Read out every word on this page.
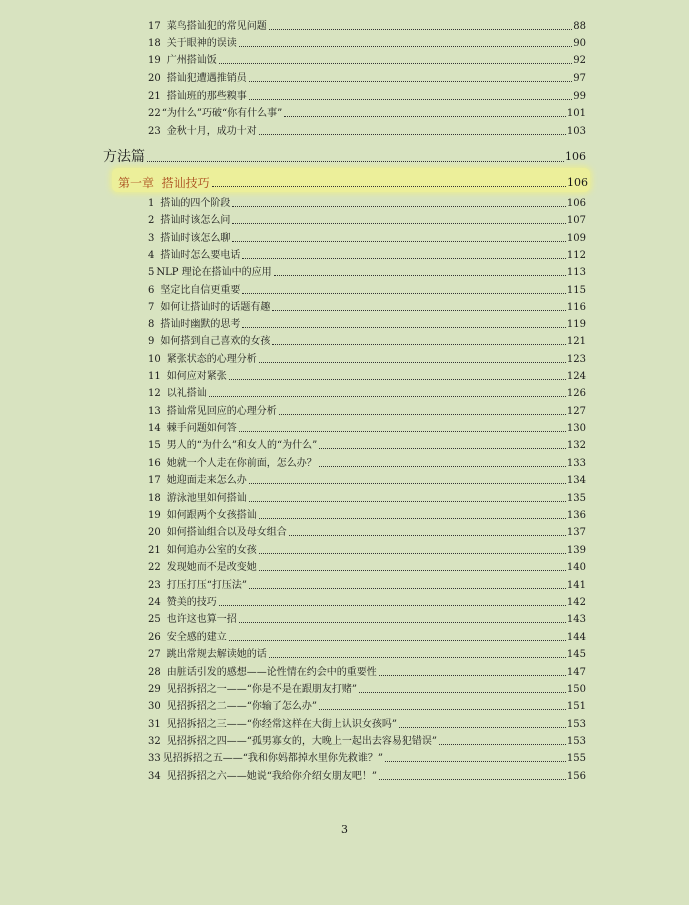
17 菜鸟搭讪犯的常见问题	88
18 关于眼神的误读	90
19 广州搭讪饭	92
20 搭讪犯遭遇推销员	97
21 搭讪班的那些糗事	99
22 “为什么”巧破“你有什么事”	101
23 金秋十月，成功十对	103
方法篇	106
第一章  搭讪技巧	106
1 搭讪的四个阶段	106
2 搭讪时该怎么问	107
3 搭讪时该怎么聊	109
4 搭讪时怎么要电话	112
5 NLP 理论在搭讪中的应用	113
6 坚定比自信更重要	115
7 如何让搭讪时的话题有趣	116
8 搭讪时幽默的思考	119
9 如何搭到自己喜欢的女孩	121
10 紧张状态的心理分析	123
11 如何应对紧张	124
12 以礼搭讪	126
13 搭讪常见回应的心理分析	127
14 棘手问题如何答	130
15 男人的“为什么”和女人的“为什么”	132
16 她就一个人走在你前面，怎么办？	133
17 她迎面走来怎么办	134
18 游泳池里如何搭讪	135
19 如何跟两个女孩搭讪	136
20 如何搭讪组合以及母女组合	137
21 如何追办公室的女孩	139
22 发现她而不是改变她	140
23 打压打压“打压法”	141
24 赞美的技巧	142
25 也许这也算一招	143
26 安全感的建立	144
27 跳出常规去解读她的话	145
28 由脏话引发的感想——论性情在约会中的重要性	147
29 见招拆招之一——“你是不是在跟朋友打赌”	150
30 见招拆招之二——“你输了怎么办”	151
31 见招拆招之三——“你经常这样在大街上认识女孩吗”	153
32 见招拆招之四——“孤男寡女的，大晚上一起出去容易犯错误”	153
33 见招拆招之五——“我和你妈都掉水里你先救谁？”	155
34 见招拆招之六——她说“我给你介绍女朋友吧！”	156
3
